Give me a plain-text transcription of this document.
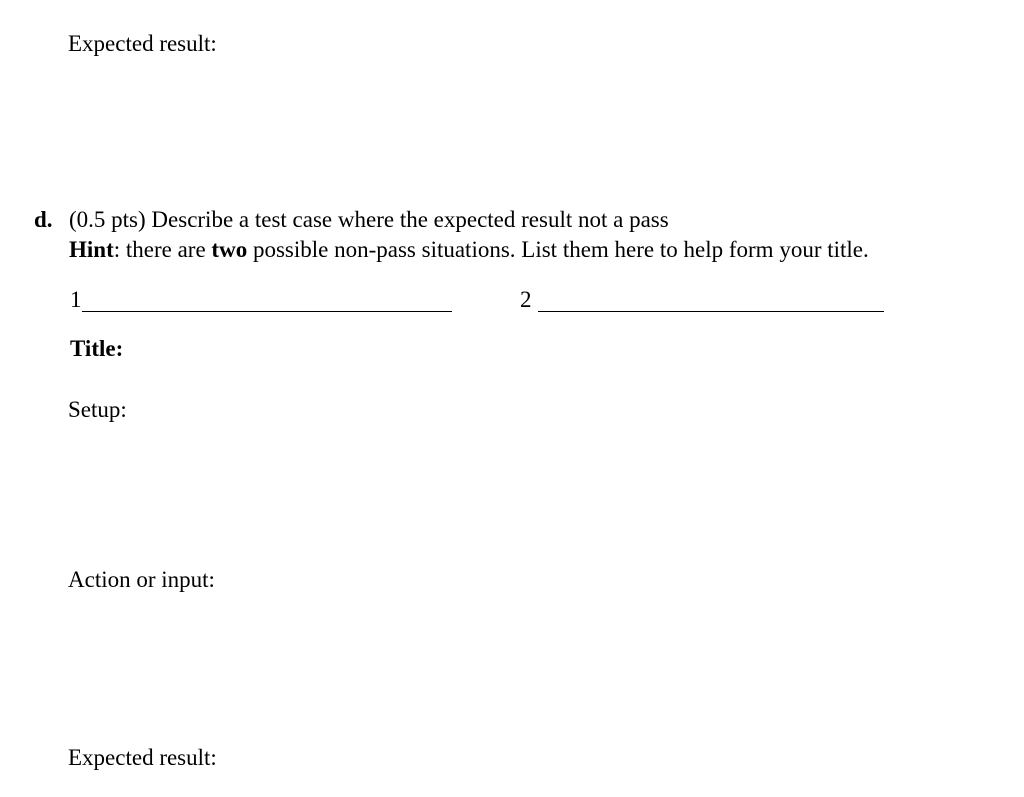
Expected result:
d. (0.5 pts) Describe a test case where the expected result not a pass
Hint: there are two possible non-pass situations. List them here to help form your title.
1	2
Title:
Setup:
Action or input:
Expected result:
